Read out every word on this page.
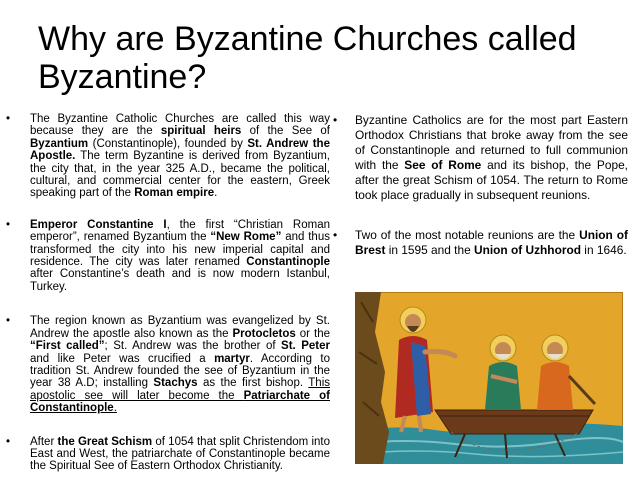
Why are Byzantine Churches called Byzantine?
• The Byzantine Catholic Churches are called this way because they are the spiritual heirs of the See of Byzantium (Constantinople), founded by St. Andrew the Apostle. The term Byzantine is derived from Byzantium, the city that, in the year 325 A.D., became the political, cultural, and commercial center for the eastern, Greek speaking part of the Roman empire.
• Emperor Constantine I, the first “Christian Roman emperor”, renamed Byzantium the “New Rome” and thus transformed the city into his new imperial capital and residence. The city was later renamed Constantinople after Constantine’s death and is now modern Istanbul, Turkey.
• The region known as Byzantium was evangelized by St. Andrew the apostle also known as the Protocletos or the “First called”; St. Andrew was the brother of St. Peter and like Peter was crucified a martyr. According to tradition St. Andrew founded the see of Byzantium in the year 38 A.D; installing Stachys as the first bishop. This apostolic see will later become the Patriarchate of Constantinople.
• After the Great Schism of 1054 that split Christendom into East and West, the patriarchate of Constantinople became the Spiritual See of Eastern Orthodox Christianity.
• Byzantine Catholics are for the most part Eastern Orthodox Christians that broke away from the see of Constantinople and returned to full communion with the See of Rome and its bishop, the Pope, after the great Schism of 1054. The return to Rome took place gradually in subsequent reunions.
• Two of the most notable reunions are the Union of Brest in 1595 and the Union of Uzhhorod in 1646.
